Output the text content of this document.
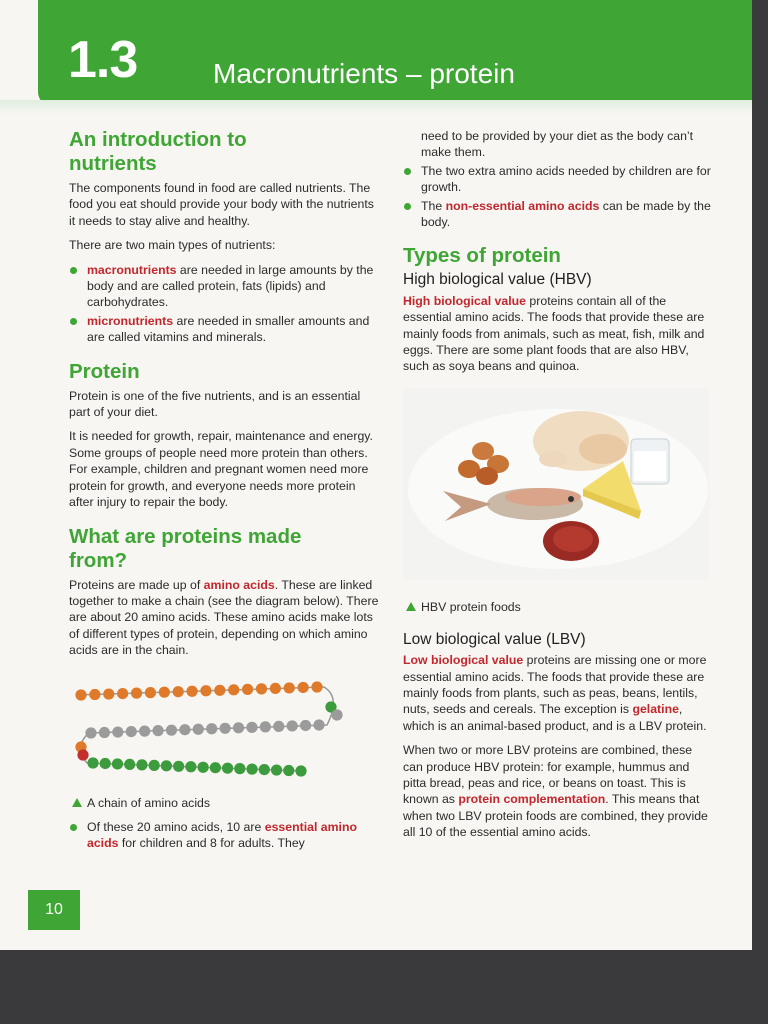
1.3	Macronutrients – protein
An introduction to nutrients

The components found in food are called nutrients. The food you eat should provide your body with the nutrients it needs to stay alive and healthy.

There are two main types of nutrients:

macronutrients are needed in large amounts by the body and are called protein, fats (lipids) and carbohydrates.
micronutrients are needed in smaller amounts and are called vitamins and minerals.
Protein

Protein is one of the five nutrients, and is an essential part of your diet.

It is needed for growth, repair, maintenance and energy. Some groups of people need more protein than others. For example, children and pregnant women need more protein for growth, and everyone needs more protein after injury to repair the body.

What are proteins made from?

Proteins are made up of amino acids. These are linked together to make a chain (see the diagram below). There are about 20 amino acids. These amino acids make lots of different types of protein, depending on which amino acids are in the chain.

A chain of amino acids
Of these 20 amino acids, 10 are essential amino acids for children and 8 for adults. They

need to be provided by your diet as the body can’t make them.

The two extra amino acids needed by children are for growth.
The non-essential amino acids can be made by the body.
Types of protein
High biological value (HBV)

High biological value proteins contain all of the essential amino acids. The foods that provide these are mainly foods from animals, such as meat, fish, milk and eggs. There are some plant foods that are also HBV, such as soya beans and quinoa.

HBV protein foods
Low biological value (LBV)

Low biological value proteins are missing one or more essential amino acids. The foods that provide these are mainly foods from plants, such as peas, beans, lentils, nuts, seeds and cereals. The exception is gelatine, which is an animal-based product, and is a LBV protein.

When two or more LBV proteins are combined, these can produce HBV protein: for example, hummus and pitta bread, peas and rice, or beans on toast. This is known as protein complementation. This means that when two LBV protein foods are combined, they provide all 10 of the essential amino acids.

10
